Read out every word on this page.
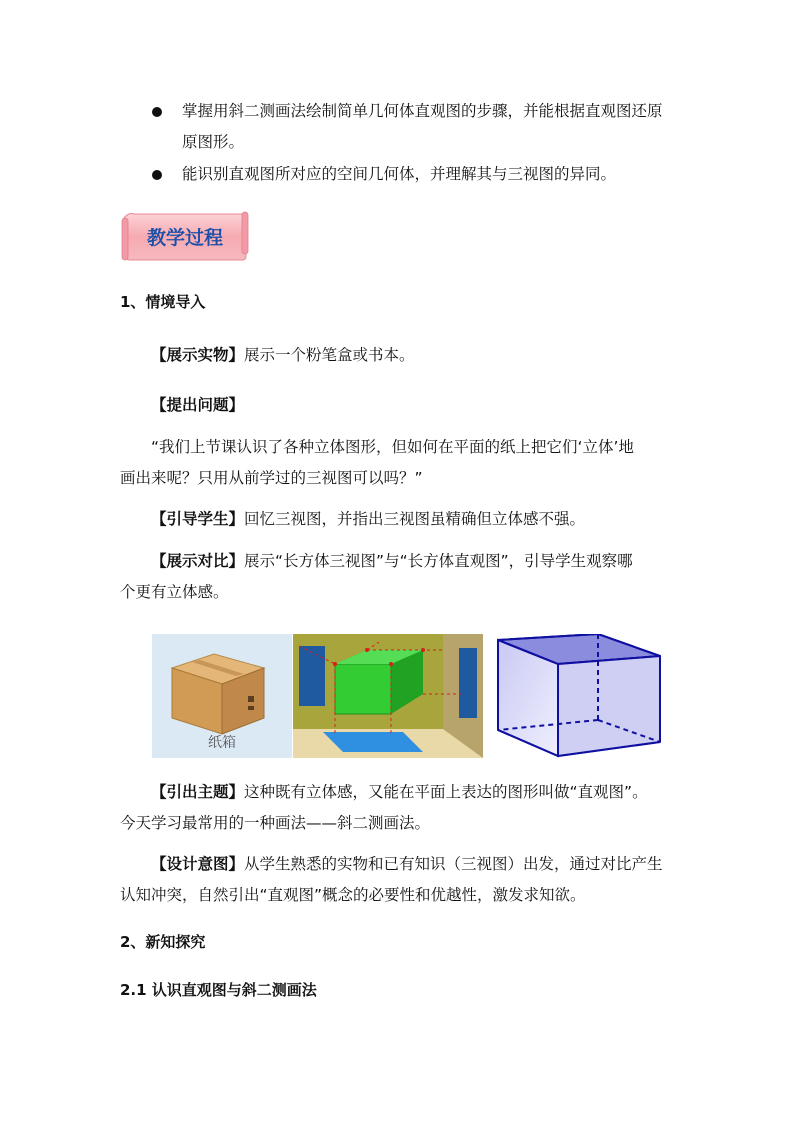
掌握用斜二测画法绘制简单几何体直观图的步骤，并能根据直观图还原
原图形。
能识别直观图所对应的空间几何体，并理解其与三视图的异同。
教学过程
1、情境导入
【展示实物】展示一个粉笔盒或书本。
【提出问题】
“我们上节课认识了各种立体图形，但如何在平面的纸上把它们‘立体’地
画出来呢？只用从前学过的三视图可以吗？”
【引导学生】回忆三视图，并指出三视图虽精确但立体感不强。
【展示对比】展示“长方体三视图”与“长方体直观图”，引导学生观察哪
个更有立体感。
纸箱
【引出主题】这种既有立体感，又能在平面上表达的图形叫做“直观图”。
今天学习最常用的一种画法——斜二测画法。
【设计意图】从学生熟悉的实物和已有知识（三视图）出发，通过对比产生
认知冲突，自然引出“直观图”概念的必要性和优越性，激发求知欲。
2、新知探究
2.1 认识直观图与斜二测画法
